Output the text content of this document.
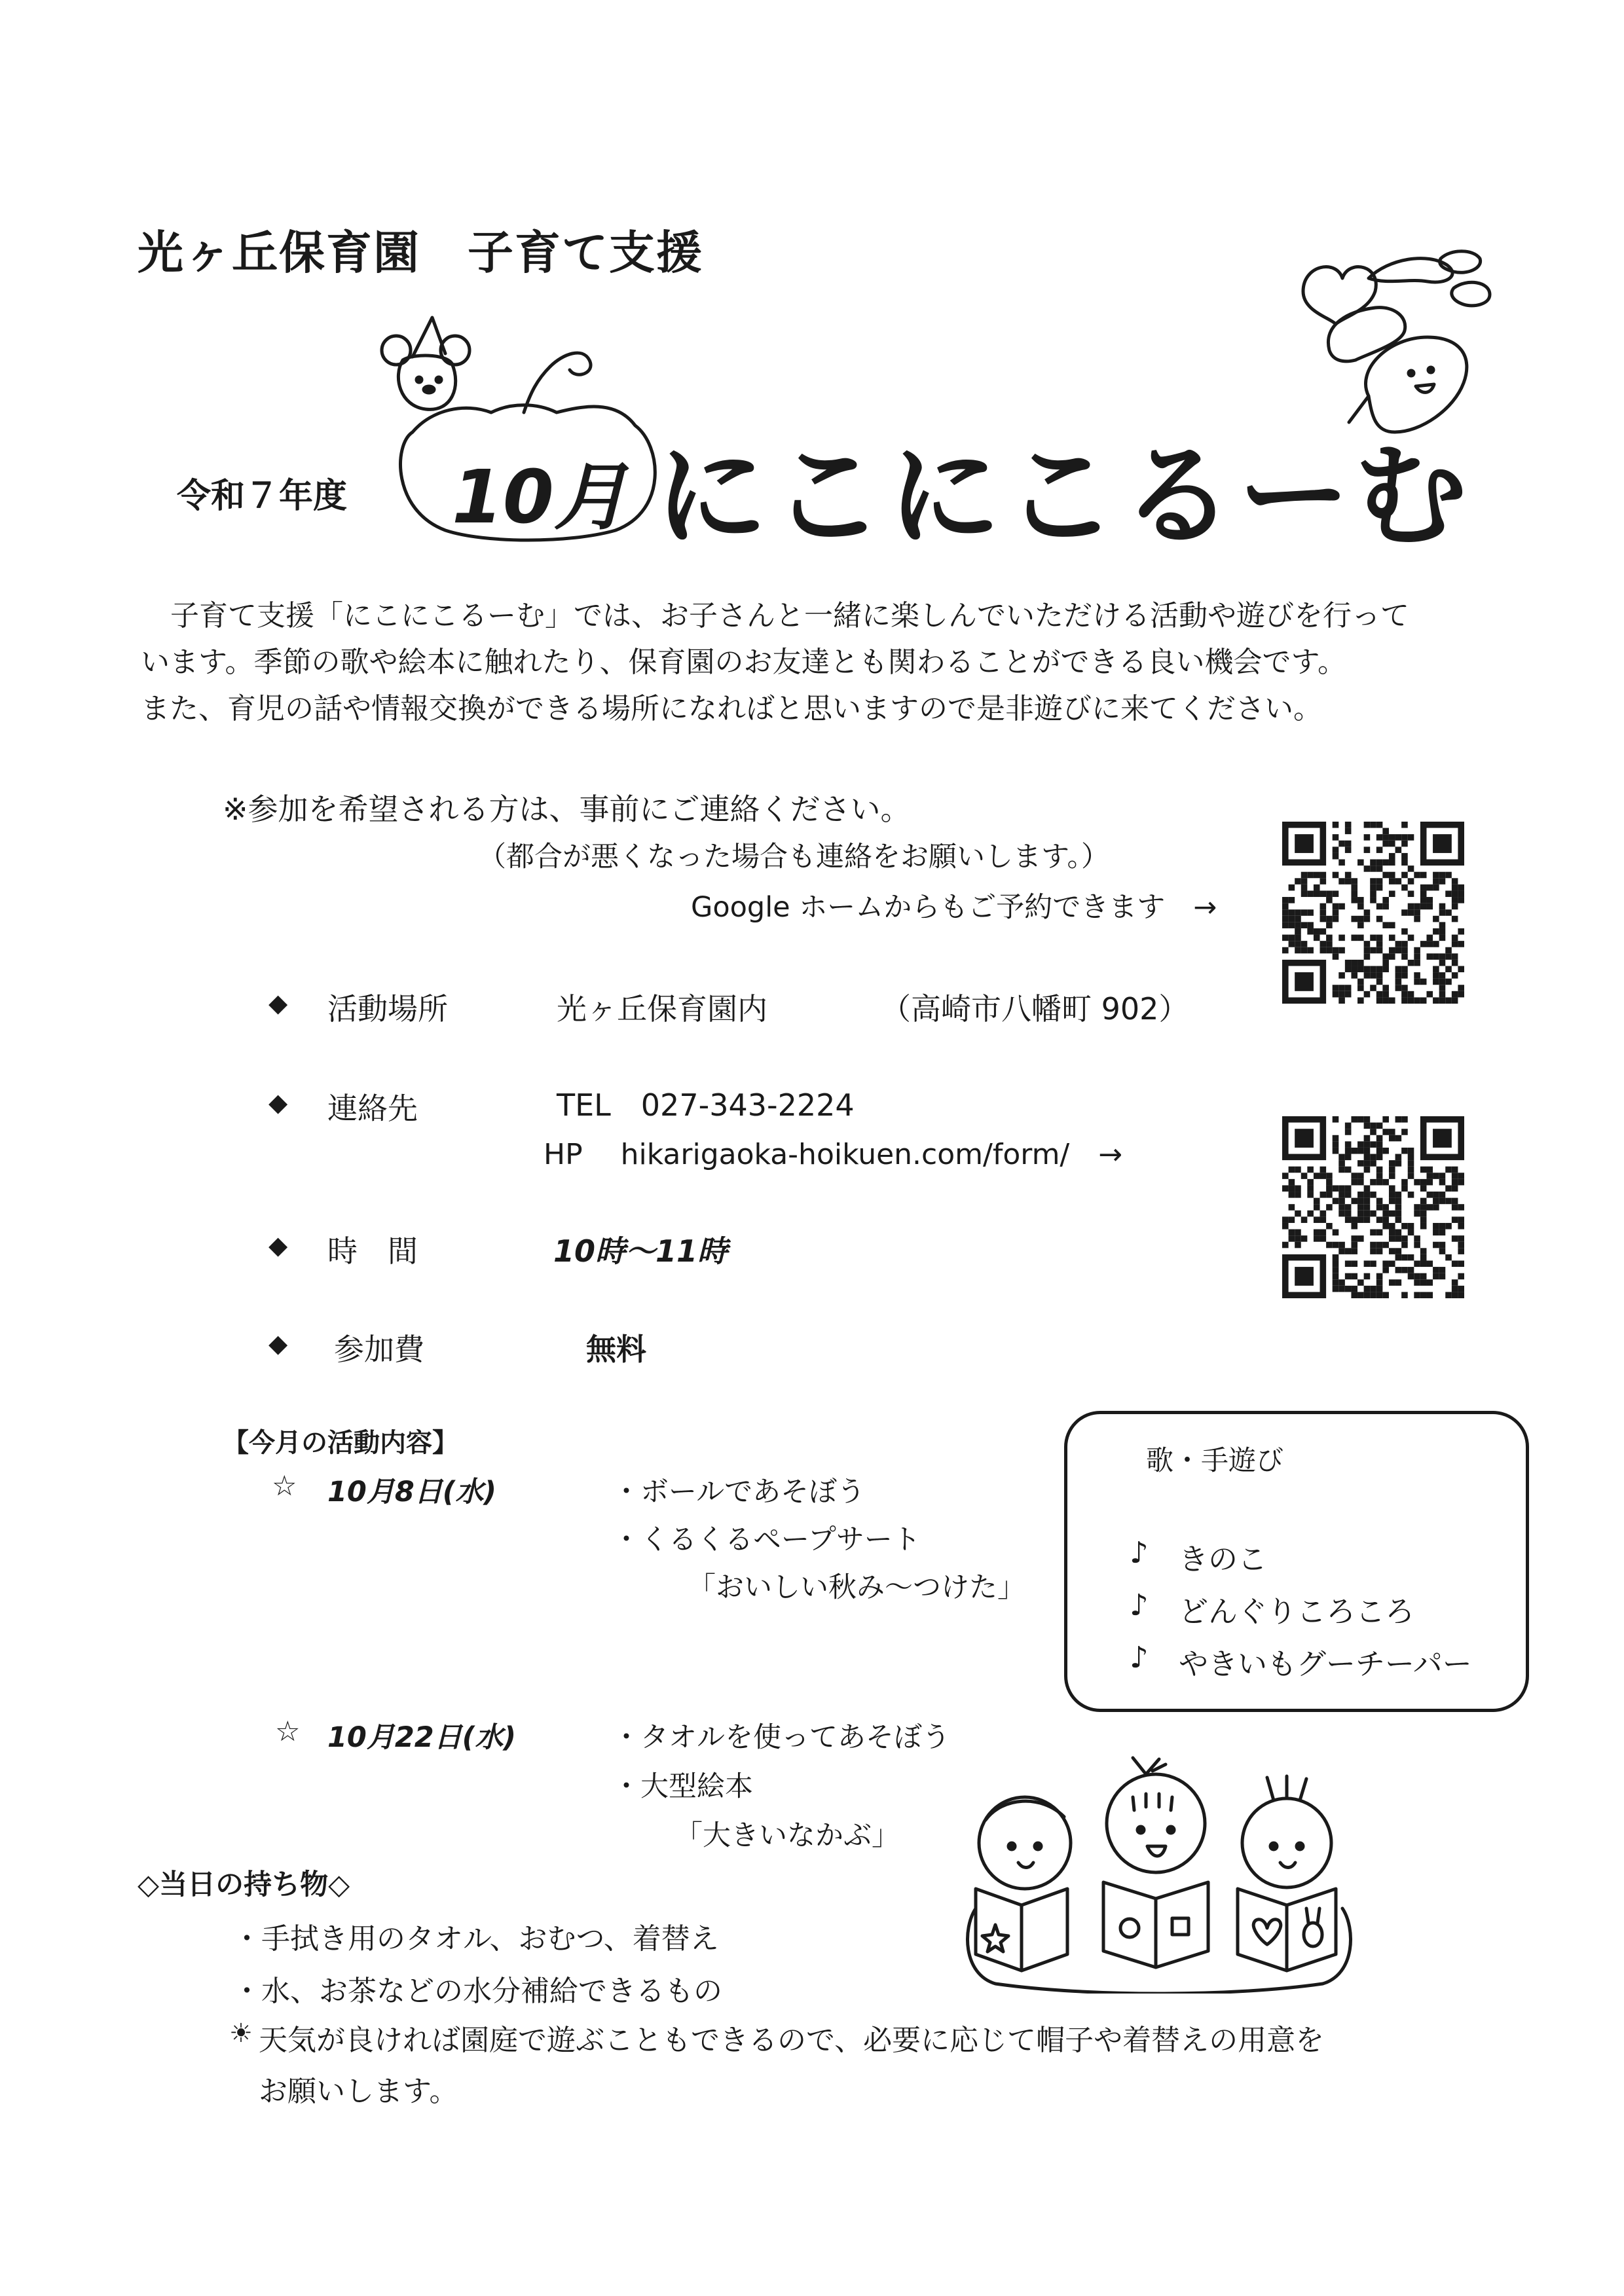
光ヶ丘保育園　子育て支援
令和７年度 10月 にこにこるーむ
子育て支援「にこにこるーむ」では、お子さんと一緒に楽しんでいただける活動や遊びを行って
います。季節の歌や絵本に触れたり、保育園のお友達とも関わることができる良い機会です。
また、育児の話や情報交換ができる場所になればと思いますので是非遊びに来てください。
※参加を希望される方は、事前にご連絡ください。
（都合が悪くなった場合も連絡をお願いします。）
Google ホームからもご予約できます　→
◆ 活動場所	光ヶ丘保育園内	（高崎市八幡町 902）
◆ 連絡先	TEL　027-343-2224
HP　 hikarigaoka-hoikuen.com/form/　→
◆ 時　間	10時～11時
◆ 参加費	無料
【今月の活動内容】
☆ 10月8日(水)	・ボールであそぼう
・くるくるペープサート
「おいしい秋み～つけた」
☆ 10月22日(水)	・タオルを使ってあそぼう
・大型絵本
「大きいなかぶ」
歌・手遊び
♪ きのこ
♪ どんぐりころころ
♪ やきいもグーチーパー
◇当日の持ち物◇
・手拭き用のタオル、おむつ、着替え
・水、お茶などの水分補給できるもの
☀ 天気が良ければ園庭で遊ぶこともできるので、必要に応じて帽子や着替えの用意を
お願いします。
